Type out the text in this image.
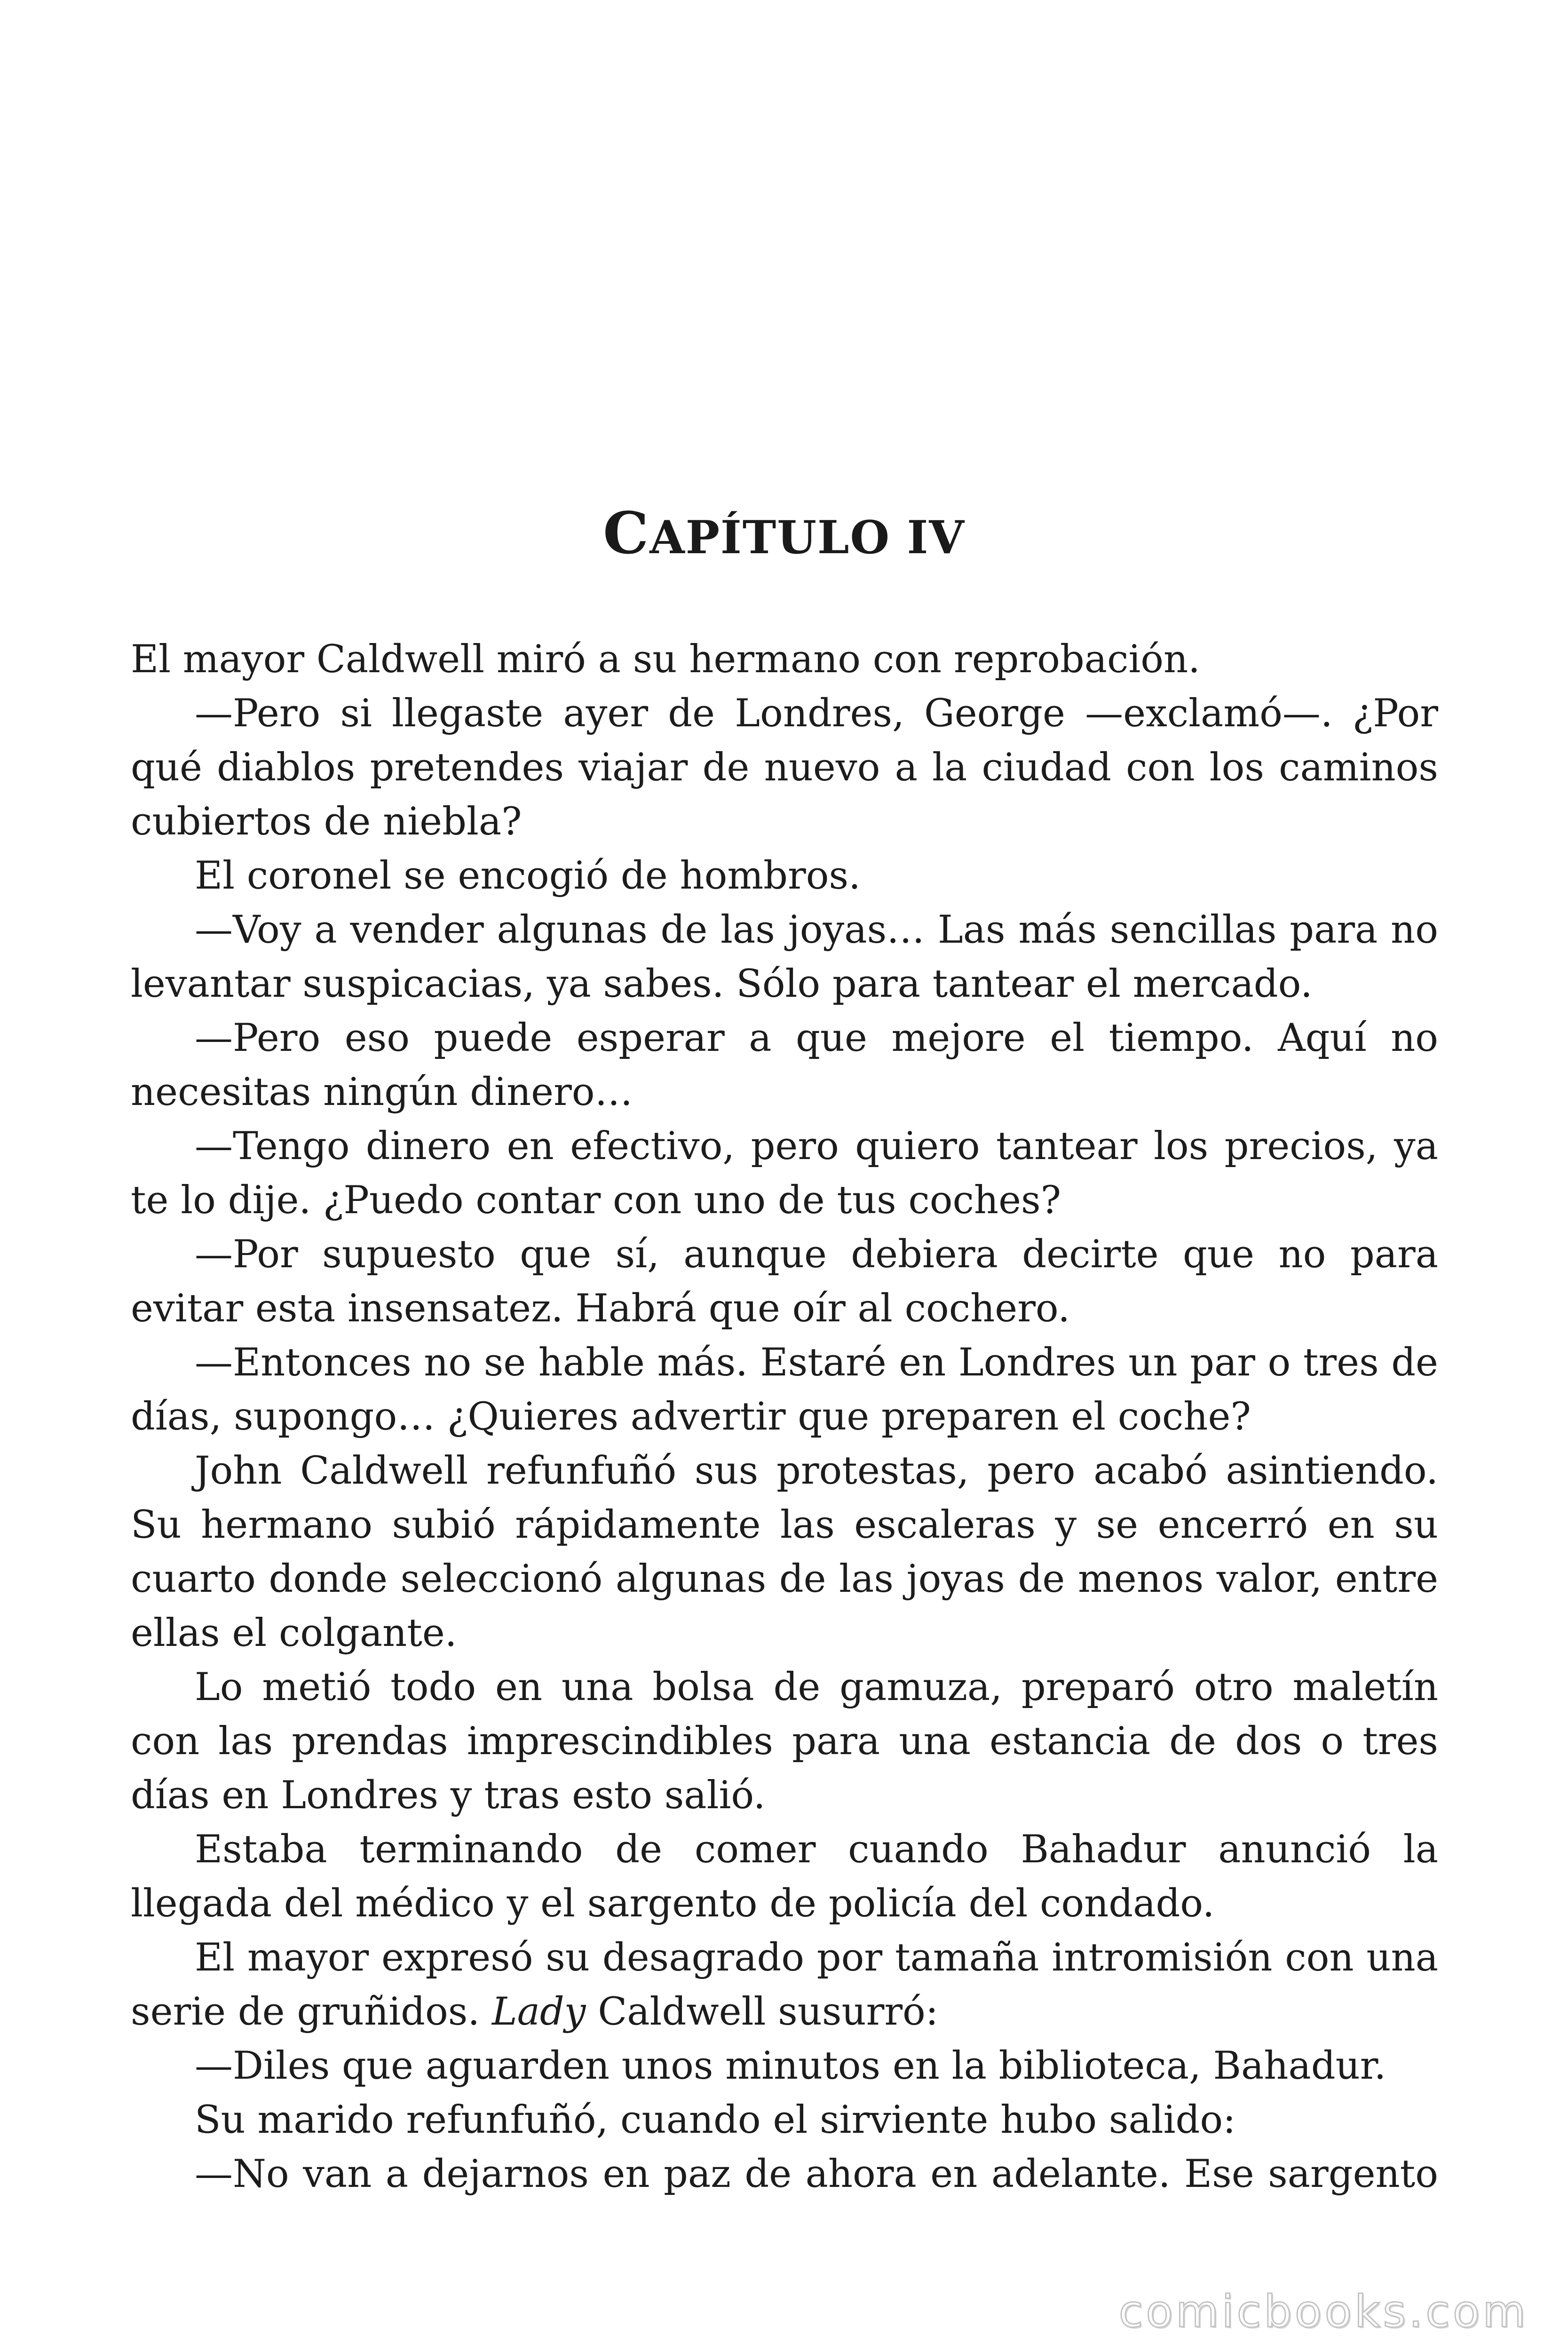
CAPÍTULO IV

El mayor Caldwell miró a su hermano con reprobación.

—Pero si llegaste ayer de Londres, George —exclamó—. ¿Por qué diablos pretendes viajar de nuevo a la ciudad con los caminos cubiertos de niebla?

El coronel se encogió de hombros.

—Voy a vender algunas de las joyas… Las más sencillas para no levantar suspicacias, ya sabes. Sólo para tantear el mercado.

—Pero eso puede esperar a que mejore el tiempo. Aquí no necesitas ningún dinero…

—Tengo dinero en efectivo, pero quiero tantear los precios, ya te lo dije. ¿Puedo contar con uno de tus coches?

—Por supuesto que sí, aunque debiera decirte que no para evitar esta insensatez. Habrá que oír al cochero.

—Entonces no se hable más. Estaré en Londres un par o tres de días, supongo… ¿Quieres advertir que preparen el coche?

John Caldwell refunfuñó sus protestas, pero acabó asintiendo. Su hermano subió rápidamente las escaleras y se encerró en su cuarto donde seleccionó algunas de las joyas de menos valor, entre ellas el colgante.

Lo metió todo en una bolsa de gamuza, preparó otro maletín con las prendas imprescindibles para una estancia de dos o tres días en Londres y tras esto salió.

Estaba terminando de comer cuando Bahadur anunció la llegada del médico y el sargento de policía del condado.

El mayor expresó su desagrado por tamaña intromisión con una serie de gruñidos. Lady Caldwell susurró:

—Diles que aguarden unos minutos en la biblioteca, Bahadur.

Su marido refunfuñó, cuando el sirviente hubo salido:

—No van a dejarnos en paz de ahora en adelante. Ese sargento

comicbooks.com
